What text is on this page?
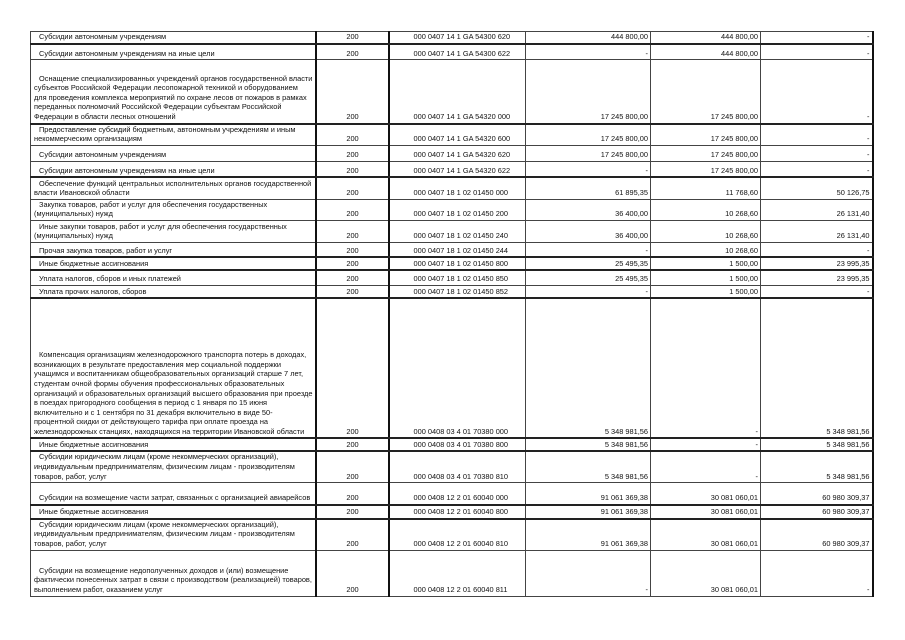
Субсидии автономным учреждениям	200	000 0407 14 1 GA 54300 620	444 800,00	444 800,00	-
Субсидии автономным учреждениям на иные цели	200	000 0407 14 1 GA 54300 622	-	444 800,00	-
Оснащение специализированных учреждений органов государственной власти субъектов Российской Федерации лесопожарной техникой и оборудованием для проведения комплекса мероприятий по охране лесов от пожаров в рамках переданных полномочий Российской Федерации субъектам Российской Федерации в области лесных отношений	200	000 0407 14 1 GA 54320 000	17 245 800,00	17 245 800,00	-
Предоставление субсидий бюджетным, автономным учреждениям и иным некоммерческим организациям	200	000 0407 14 1 GA 54320 600	17 245 800,00	17 245 800,00	-
Субсидии автономным учреждениям	200	000 0407 14 1 GA 54320 620	17 245 800,00	17 245 800,00	-
Субсидии автономным учреждениям на иные цели	200	000 0407 14 1 GA 54320 622	-	17 245 800,00	-
Обеспечение функций центральных исполнительных органов государственной власти Ивановской области	200	000 0407 18 1 02 01450 000	61 895,35	11 768,60	50 126,75
Закупка товаров, работ и услуг для обеспечения государственных (муниципальных) нужд	200	000 0407 18 1 02 01450 200	36 400,00	10 268,60	26 131,40
Иные закупки товаров, работ и услуг для обеспечения государственных (муниципальных) нужд	200	000 0407 18 1 02 01450 240	36 400,00	10 268,60	26 131,40
Прочая закупка товаров, работ и услуг	200	000 0407 18 1 02 01450 244	-	10 268,60	-
Иные бюджетные ассигнования	200	000 0407 18 1 02 01450 800	25 495,35	1 500,00	23 995,35
Уплата налогов, сборов и иных платежей	200	000 0407 18 1 02 01450 850	25 495,35	1 500,00	23 995,35
Уплата прочих налогов, сборов	200	000 0407 18 1 02 01450 852	-	1 500,00	-
Компенсация организациям железнодорожного транспорта потерь в доходах, возникающих в результате предоставления мер социальной поддержки учащимся и воспитанникам общеобразовательных организаций старше 7 лет, студентам очной формы обучения профессиональных образовательных организаций и образовательных организаций высшего образования при проезде в поездах пригородного сообщения в период с 1 января по 15 июня включительно и с 1 сентября по 31 декабря включительно в виде 50-процентной скидки от действующего тарифа при оплате проезда на железнодорожных станциях, находящихся на территории Ивановской области	200	000 0408 03 4 01 70380 000	5 348 981,56	-	5 348 981,56
Иные бюджетные ассигнования	200	000 0408 03 4 01 70380 800	5 348 981,56	-	5 348 981,56
Субсидии юридическим лицам (кроме некоммерческих организаций), индивидуальным предпринимателям, физическим лицам - производителям товаров, работ, услуг	200	000 0408 03 4 01 70380 810	5 348 981,56	-	5 348 981,56
Субсидии на возмещение части затрат, связанных с организацией авиарейсов	200	000 0408 12 2 01 60040 000	91 061 369,38	30 081 060,01	60 980 309,37
Иные бюджетные ассигнования	200	000 0408 12 2 01 60040 800	91 061 369,38	30 081 060,01	60 980 309,37
Субсидии юридическим лицам (кроме некоммерческих организаций), индивидуальным предпринимателям, физическим лицам - производителям товаров, работ, услуг	200	000 0408 12 2 01 60040 810	91 061 369,38	30 081 060,01	60 980 309,37
Субсидии на возмещение недополученных доходов и (или) возмещение фактически понесенных затрат в связи с производством (реализацией) товаров, выполнением работ, оказанием услуг	200	000 0408 12 2 01 60040 811	-	30 081 060,01	-
